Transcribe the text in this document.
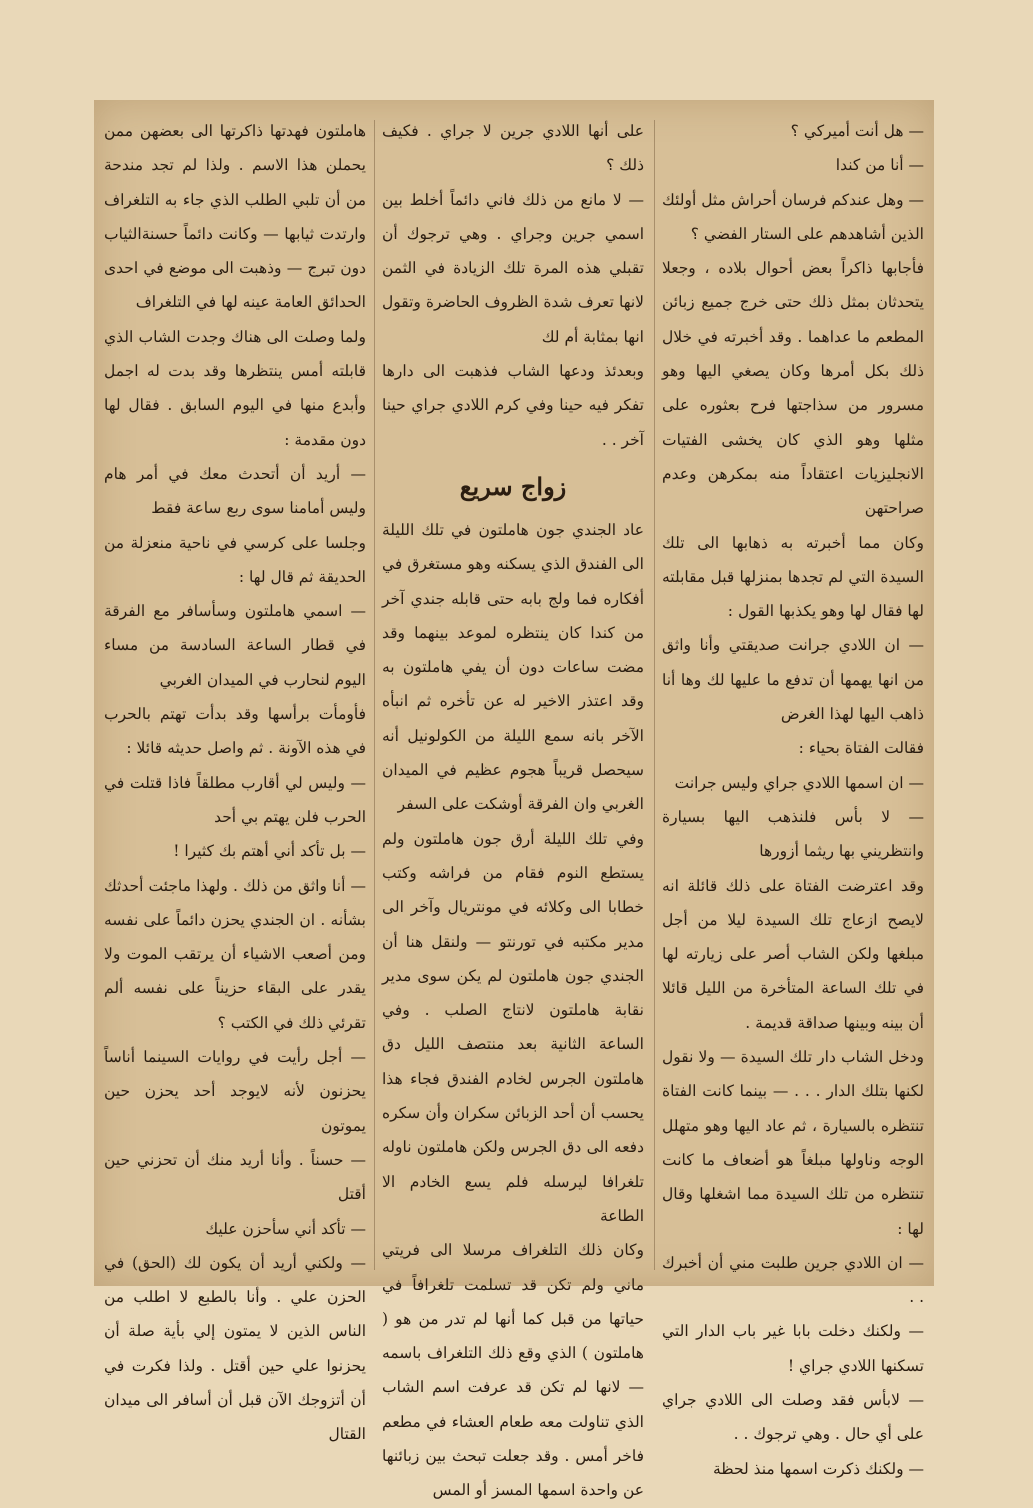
— هل أنت أميركي ؟

— أنا من كندا

— وهل عندكم فرسان أحراش مثل أولئك الذين أشاهدهم على الستار الفضي ؟

فأجابها ذاكراً بعض أحوال بلاده ، وجعلا يتحدثان بمثل ذلك حتى خرج جميع زبائن المطعم ما عداهما . وقد أخبرته في خلال ذلك بكل أمرها وكان يصغي اليها وهو مسرور من سذاجتها فرح بعثوره على مثلها وهو الذي كان يخشى الفتيات الانجليزيات اعتقاداً منه بمكرهن وعدم صراحتهن

وكان مما أخبرته به ذهابها الى تلك السيدة التي لم تجدها بمنزلها قبل مقابلته لها فقال لها وهو يكذبها القول :

— ان اللادي جرانت صديقتي وأنا واثق من انها يهمها أن تدفع ما عليها لك وها أنا ذاهب اليها لهذا الغرض

فقالت الفتاة بحياء :

— ان اسمها اللادي جراي وليس جرانت

— لا بأس فلنذهب اليها بسيارة وانتظريني بها ريثما أزورها

وقد اعترضت الفتاة على ذلك قائلة انه لايصح ازعاج تلك السيدة ليلا من أجل مبلغها ولكن الشاب أصر على زيارته لها في تلك الساعة المتأخرة من الليل قائلا أن بينه وبينها صداقة قديمة .

ودخل الشاب دار تلك السيدة — ولا نقول لكنها بتلك الدار . . . — بينما كانت الفتاة تنتظره بالسيارة ، ثم عاد اليها وهو متهلل الوجه وناولها مبلغاً هو أضعاف ما كانت تنتظره من تلك السيدة مما اشغلها وقال لها :

— ان اللادي جرين طلبت مني أن أخبرك . .

— ولكنك دخلت بابا غير باب الدار التي تسكنها اللادي جراي !

— لابأس فقد وصلت الى اللادي جراي على أي حال . وهي ترجوك . .

— ولكنك ذكرت اسمها منذ لحظة

على أنها اللادي جرين لا جراي . فكيف ذلك ؟

— لا مانع من ذلك فاني دائماً أخلط بين اسمي جرين وجراي . وهي ترجوك أن تقبلي هذه المرة تلك الزيادة في الثمن لانها تعرف شدة الظروف الحاضرة وتقول انها بمثابة أم لك

وبعدئذ ودعها الشاب فذهبت الى دارها تفكر فيه حينا وفي كرم اللادي جراي حينا آخر . .

زواج سريع

عاد الجندي جون هاملتون في تلك الليلة الى الفندق الذي يسكنه وهو مستغرق في أفكاره فما ولج بابه حتى قابله جندي آخر من كندا كان ينتظره لموعد بينهما وقد مضت ساعات دون أن يفي هاملتون به وقد اعتذر الاخير له عن تأخره ثم انبأه الآخر بانه سمع الليلة من الكولونيل أنه سيحصل قريباً هجوم عظيم في الميدان الغربي وان الفرقة أوشكت على السفر

وفي تلك الليلة أرق جون هاملتون ولم يستطع النوم فقام من فراشه وكتب خطابا الى وكلائه في مونتريال وآخر الى مدير مكتبه في تورنتو — ولنقل هنا أن الجندي جون هاملتون لم يكن سوى مدير نقابة هاملتون لانتاج الصلب . وفي الساعة الثانية بعد منتصف الليل دق هاملتون الجرس لخادم الفندق فجاء هذا يحسب أن أحد الزبائن سكران وأن سكره دفعه الى دق الجرس ولكن هاملتون ناوله تلغرافا ليرسله فلم يسع الخادم الا الطاعة

وكان ذلك التلغراف مرسلا الى فريتي ماني ولم تكن قد تسلمت تلغرافاً في حياتها من قبل كما أنها لم تدر من هو ( هاملتون ) الذي وقع ذلك التلغراف باسمه — لانها لم تكن قد عرفت اسم الشاب الذي تناولت معه طعام العشاء في مطعم فاخر أمس . وقد جعلت تبحث بين زبائنها عن واحدة اسمها المسز أو المس

هاملتون فهدتها ذاكرتها الى بعضهن ممن يحملن هذا الاسم . ولذا لم تجد مندحة من أن تلبي الطلب الذي جاء به التلغراف وارتدت ثيابها — وكانت دائماً حسنةالثياب دون تبرج — وذهبت الى موضع في احدى الحدائق العامة عينه لها في التلغراف

ولما وصلت الى هناك وجدت الشاب الذي قابلته أمس ينتظرها وقد بدت له اجمل وأبدع منها في اليوم السابق . فقال لها دون مقدمة :

— أريد أن أتحدث معك في أمر هام وليس أمامنا سوى ربع ساعة فقط

وجلسا على كرسي في ناحية منعزلة من الحديقة ثم قال لها :

— اسمي هاملتون وسأسافر مع الفرقة في قطار الساعة السادسة من مساء اليوم لنحارب في الميدان الغربي

فأومأت برأسها وقد بدأت تهتم بالحرب في هذه الآونة . ثم واصل حديثه قائلا :

— وليس لي أقارب مطلقاً فاذا قتلت في الحرب فلن يهتم بي أحد

— بل تأكد أني أهتم بك كثيرا !

— أنا واثق من ذلك . ولهذا ماجئت أحدثك بشأنه . ان الجندي يحزن دائماً على نفسه ومن أصعب الاشياء أن يرتقب الموت ولا يقدر على البقاء حزيناً على نفسه ألم تقرئي ذلك في الكتب ؟

— أجل رأيت في روايات السينما أناساً يحزنون لأنه لايوجد أحد يحزن حين يموتون

— حسناً . وأنا أريد منك أن تحزني حين أقتل

— تأكد أني سأحزن عليك

— ولكني أريد أن يكون لك (الحق) في الحزن علي . وأنا بالطبع لا اطلب من الناس الذين لا يمتون إلي بأية صلة أن يحزنوا علي حين أقتل . ولذا فكرت في أن أتزوجك الآن قبل أن أسافر الى ميدان القتال
